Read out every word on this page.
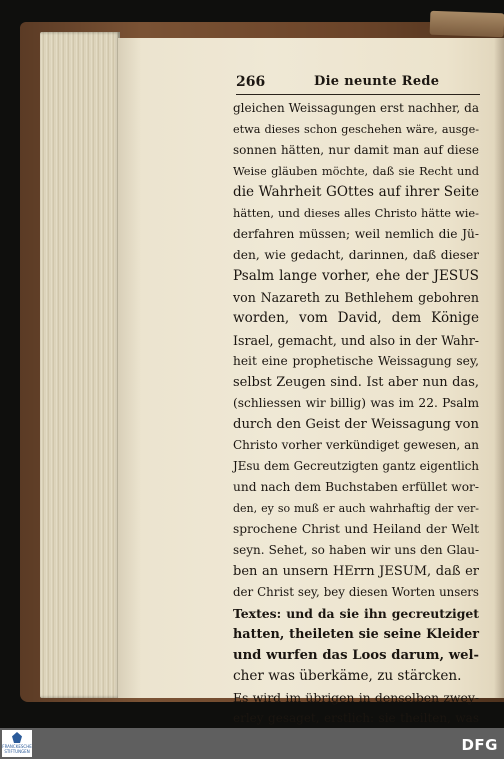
266	Die neunte Rede
gleichen Weissagungen erst nachher, da
etwa dieses schon geschehen wäre, ausge-
sonnen hätten, nur damit man auf diese
Weise gläuben möchte, daß sie Recht und
die Wahrheit GOttes auf ihrer Seite
hätten, und dieses alles Christo hätte wie-
derfahren müssen; weil nemlich die Jü-
den, wie gedacht, darinnen, daß dieser
Psalm lange vorher, ehe der JESUS
von Nazareth zu Bethlehem gebohren
worden, vom David, dem Könige
Israel, gemacht, und also in der Wahr-
heit eine prophetische Weissagung sey,
selbst Zeugen sind. Ist aber nun das,
(schliessen wir billig) was im 22. Psalm
durch den Geist der Weissagung von
Christo vorher verkündiget gewesen, an
JEsu dem Gecreutzigten gantz eigentlich
und nach dem Buchstaben erfüllet wor-
den, ey so muß er auch wahrhaftig der ver-
sprochene Christ und Heiland der Welt
seyn. Sehet, so haben wir uns den Glau-
ben an unsern HErrn JESUM, daß er
der Christ sey, bey diesen Worten unsers
Textes: und da sie ihn gecreutziget
hatten, theileten sie seine Kleider
und wurfen das Loos darum, wel-
cher was überkäme, zu stärcken.
Es wird im übrigen in denselben zwey-
erley gesaget, erstlich: sie theilten, was
FRANCKESCHE STIFTUNGEN	DFG
